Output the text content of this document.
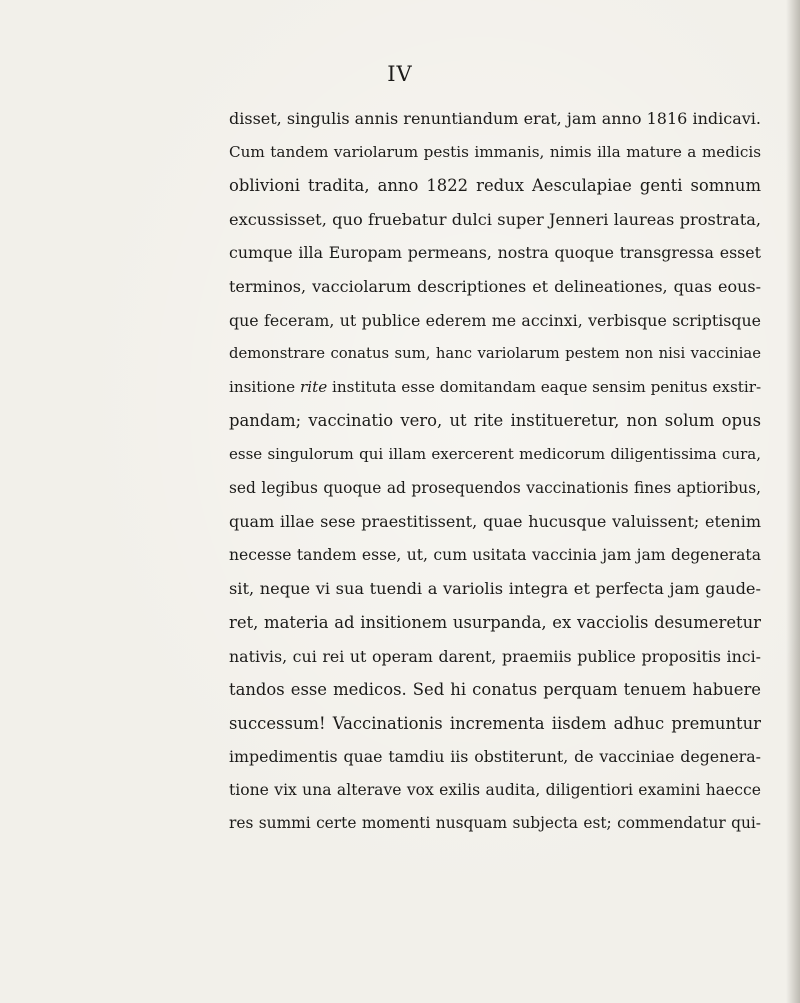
IV
disset, singulis annis renuntiandum erat, jam anno 1816 indicavi.
Cum tandem variolarum pestis immanis, nimis illa mature a medicis
oblivioni tradita, anno 1822 redux Aesculapiae genti somnum
excussisset, quo fruebatur dulci super Jenneri laureas prostrata,
cumque illa Europam permeans, nostra quoque transgressa esset
terminos, vacciolarum descriptiones et delineationes, quas eous-
que feceram, ut publice ederem me accinxi, verbisque scriptisque
demonstrare conatus sum, hanc variolarum pestem non nisi vacciniae
insitione rite instituta esse domitandam eaque sensim penitus exstir-
pandam; vaccinatio vero, ut rite institueretur, non solum opus
esse singulorum qui illam exercerent medicorum diligentissima cura,
sed legibus quoque ad prosequendos vaccinationis fines aptioribus,
quam illae sese praestitissent, quae hucusque valuissent; etenim
necesse tandem esse, ut, cum usitata vaccinia jam jam degenerata
sit, neque vi sua tuendi a variolis integra et perfecta jam gaude-
ret, materia ad insitionem usurpanda, ex vacciolis desumeretur
nativis, cui rei ut operam darent, praemiis publice propositis inci-
tandos esse medicos. Sed hi conatus perquam tenuem habuere
successum! Vaccinationis incrementa iisdem adhuc premuntur
impedimentis quae tamdiu iis obstiterunt, de vacciniae degenera-
tione vix una alterave vox exilis audita, diligentiori examini haecce
res summi certe momenti nusquam subjecta est; commendatur qui-
